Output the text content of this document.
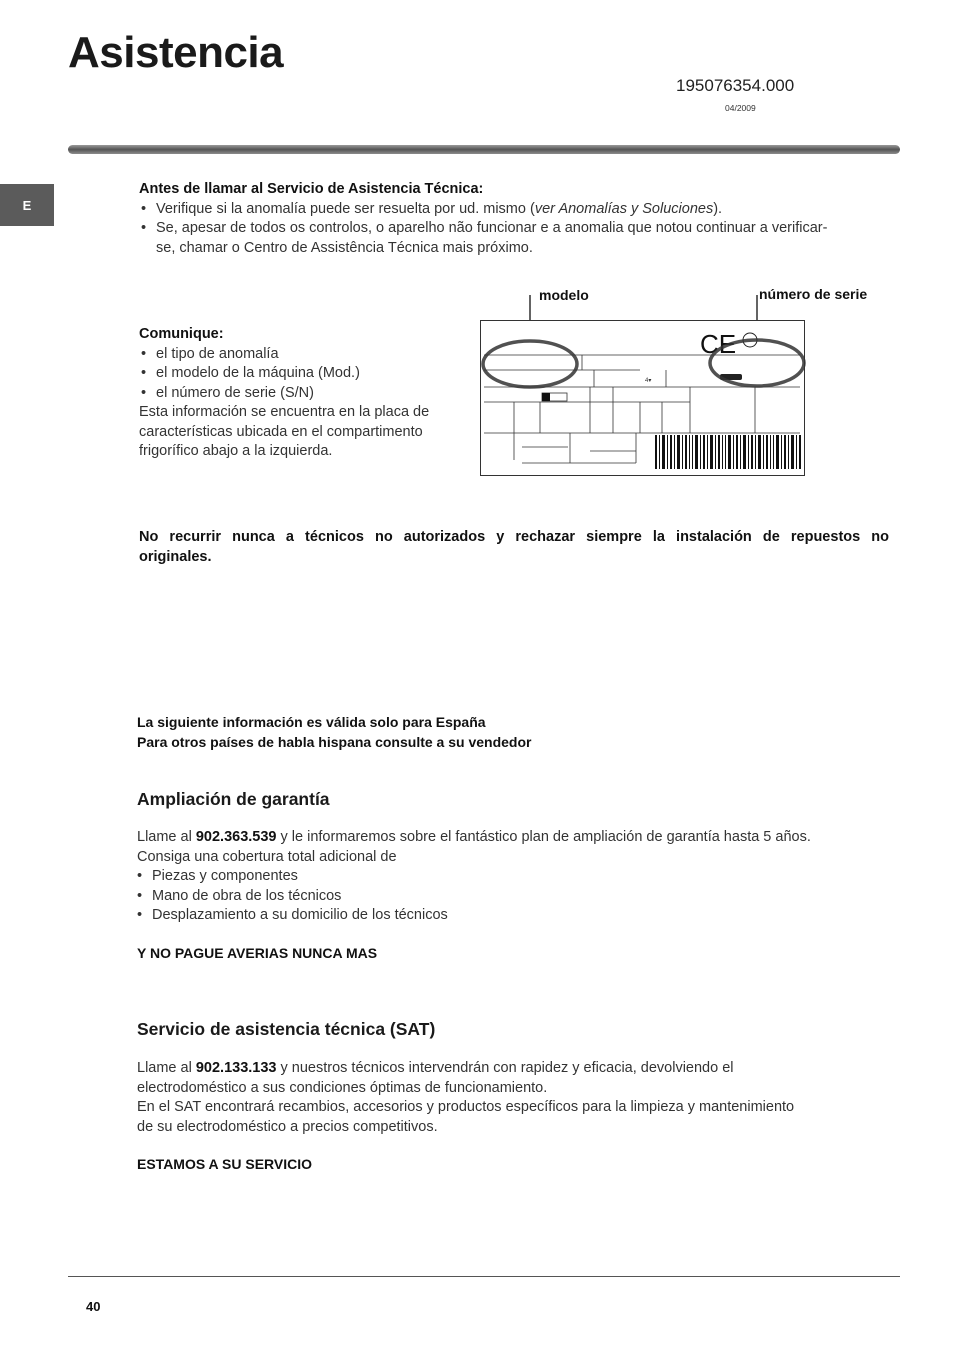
Asistencia
195076354.000
04/2009
E
Antes de llamar al Servicio de Asistencia Técnica:
• Verifique si la anomalía puede ser resuelta por ud. mismo (ver Anomalías y Soluciones).
• Se, apesar de todos os controlos, o aparelho não funcionar e a anomalia que notou continuar a verificar-
se, chamar o Centro de Assistência Técnica mais próximo.
Comunique:
• el tipo de anomalía
• el modelo de la máquina (Mod.)
• el número de serie (S/N)
Esta información se encuentra en la placa de
características ubicada en el compartimento
frigorífico abajo a la izquierda.
modelo	número de serie
4▾
CE
No recurrir nunca a técnicos no autorizados y rechazar siempre la instalación de repuestos no
originales.
La siguiente información es válida solo para España
Para otros países de habla hispana consulte a su vendedor
Ampliación de garantía
Llame al 902.363.539 y le informaremos sobre el fantástico plan de ampliación de garantía hasta 5 años.
Consiga una cobertura total adicional de
• Piezas y componentes
• Mano de obra de los técnicos
• Desplazamiento a su domicilio de los técnicos
Y NO PAGUE AVERIAS NUNCA MAS
Servicio de asistencia técnica (SAT)
Llame al 902.133.133 y nuestros técnicos intervendrán con rapidez y eficacia, devolviendo el
electrodoméstico a sus condiciones óptimas de funcionamiento.
En el SAT encontrará recambios, accesorios y productos específicos para la limpieza y mantenimiento
de su electrodoméstico a precios competitivos.
ESTAMOS A SU SERVICIO
40
